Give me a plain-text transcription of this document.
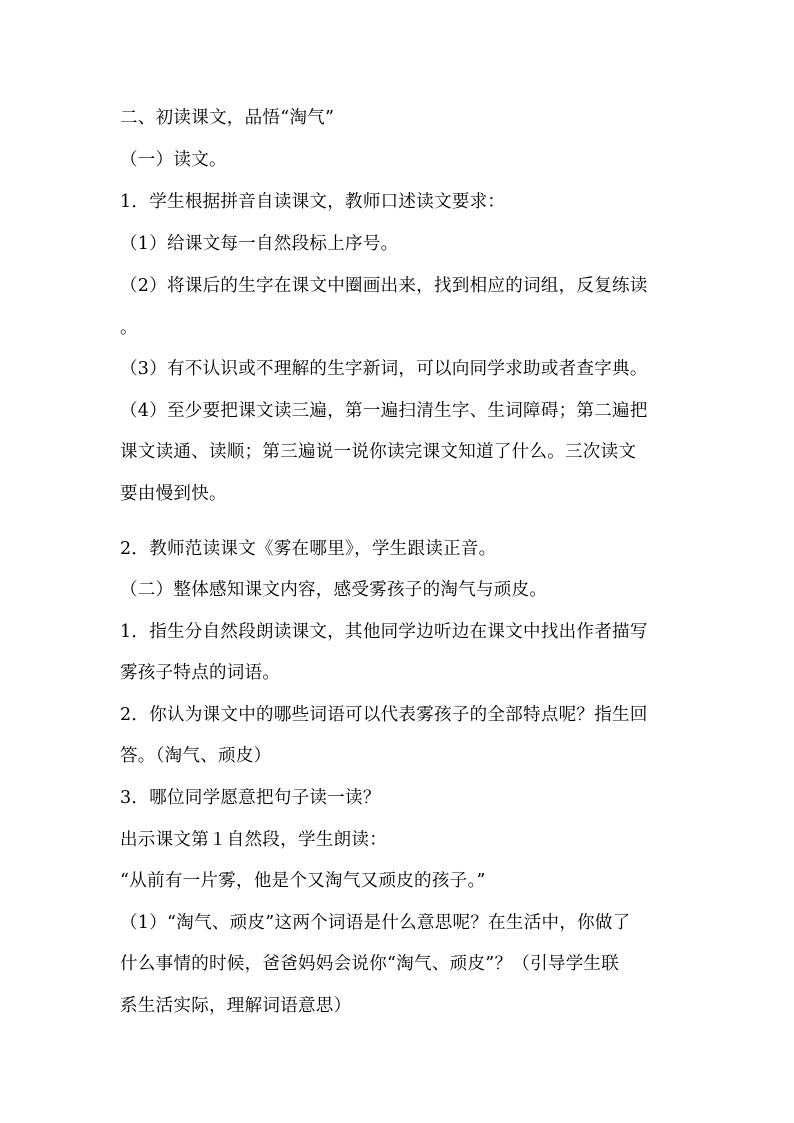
二、初读课文，品悟“淘气”

（一）读文。

1．学生根据拼音自读课文，教师口述读文要求：

（1）给课文每一自然段标上序号。

（2）将课后的生字在课文中圈画出来，找到相应的词组，反复练读

。

（3）有不认识或不理解的生字新词，可以向同学求助或者查字典。

（4）至少要把课文读三遍，第一遍扫清生字、生词障碍；第二遍把

课文读通、读顺；第三遍说一说你读完课文知道了什么。三次读文

要由慢到快。

2．教师范读课文《雾在哪里》，学生跟读正音。

（二）整体感知课文内容，感受雾孩子的淘气与顽皮。

1．指生分自然段朗读课文，其他同学边听边在课文中找出作者描写

雾孩子特点的词语。

2．你认为课文中的哪些词语可以代表雾孩子的全部特点呢？指生回

答。（淘气、顽皮）

3．哪位同学愿意把句子读一读？

出示课文第１自然段，学生朗读：

“从前有一片雾，他是个又淘气又顽皮的孩子。”

（1）“淘气、顽皮”这两个词语是什么意思呢？在生活中，你做了

什么事情的时候，爸爸妈妈会说你“淘气、顽皮”？（引导学生联

系生活实际，理解词语意思）
